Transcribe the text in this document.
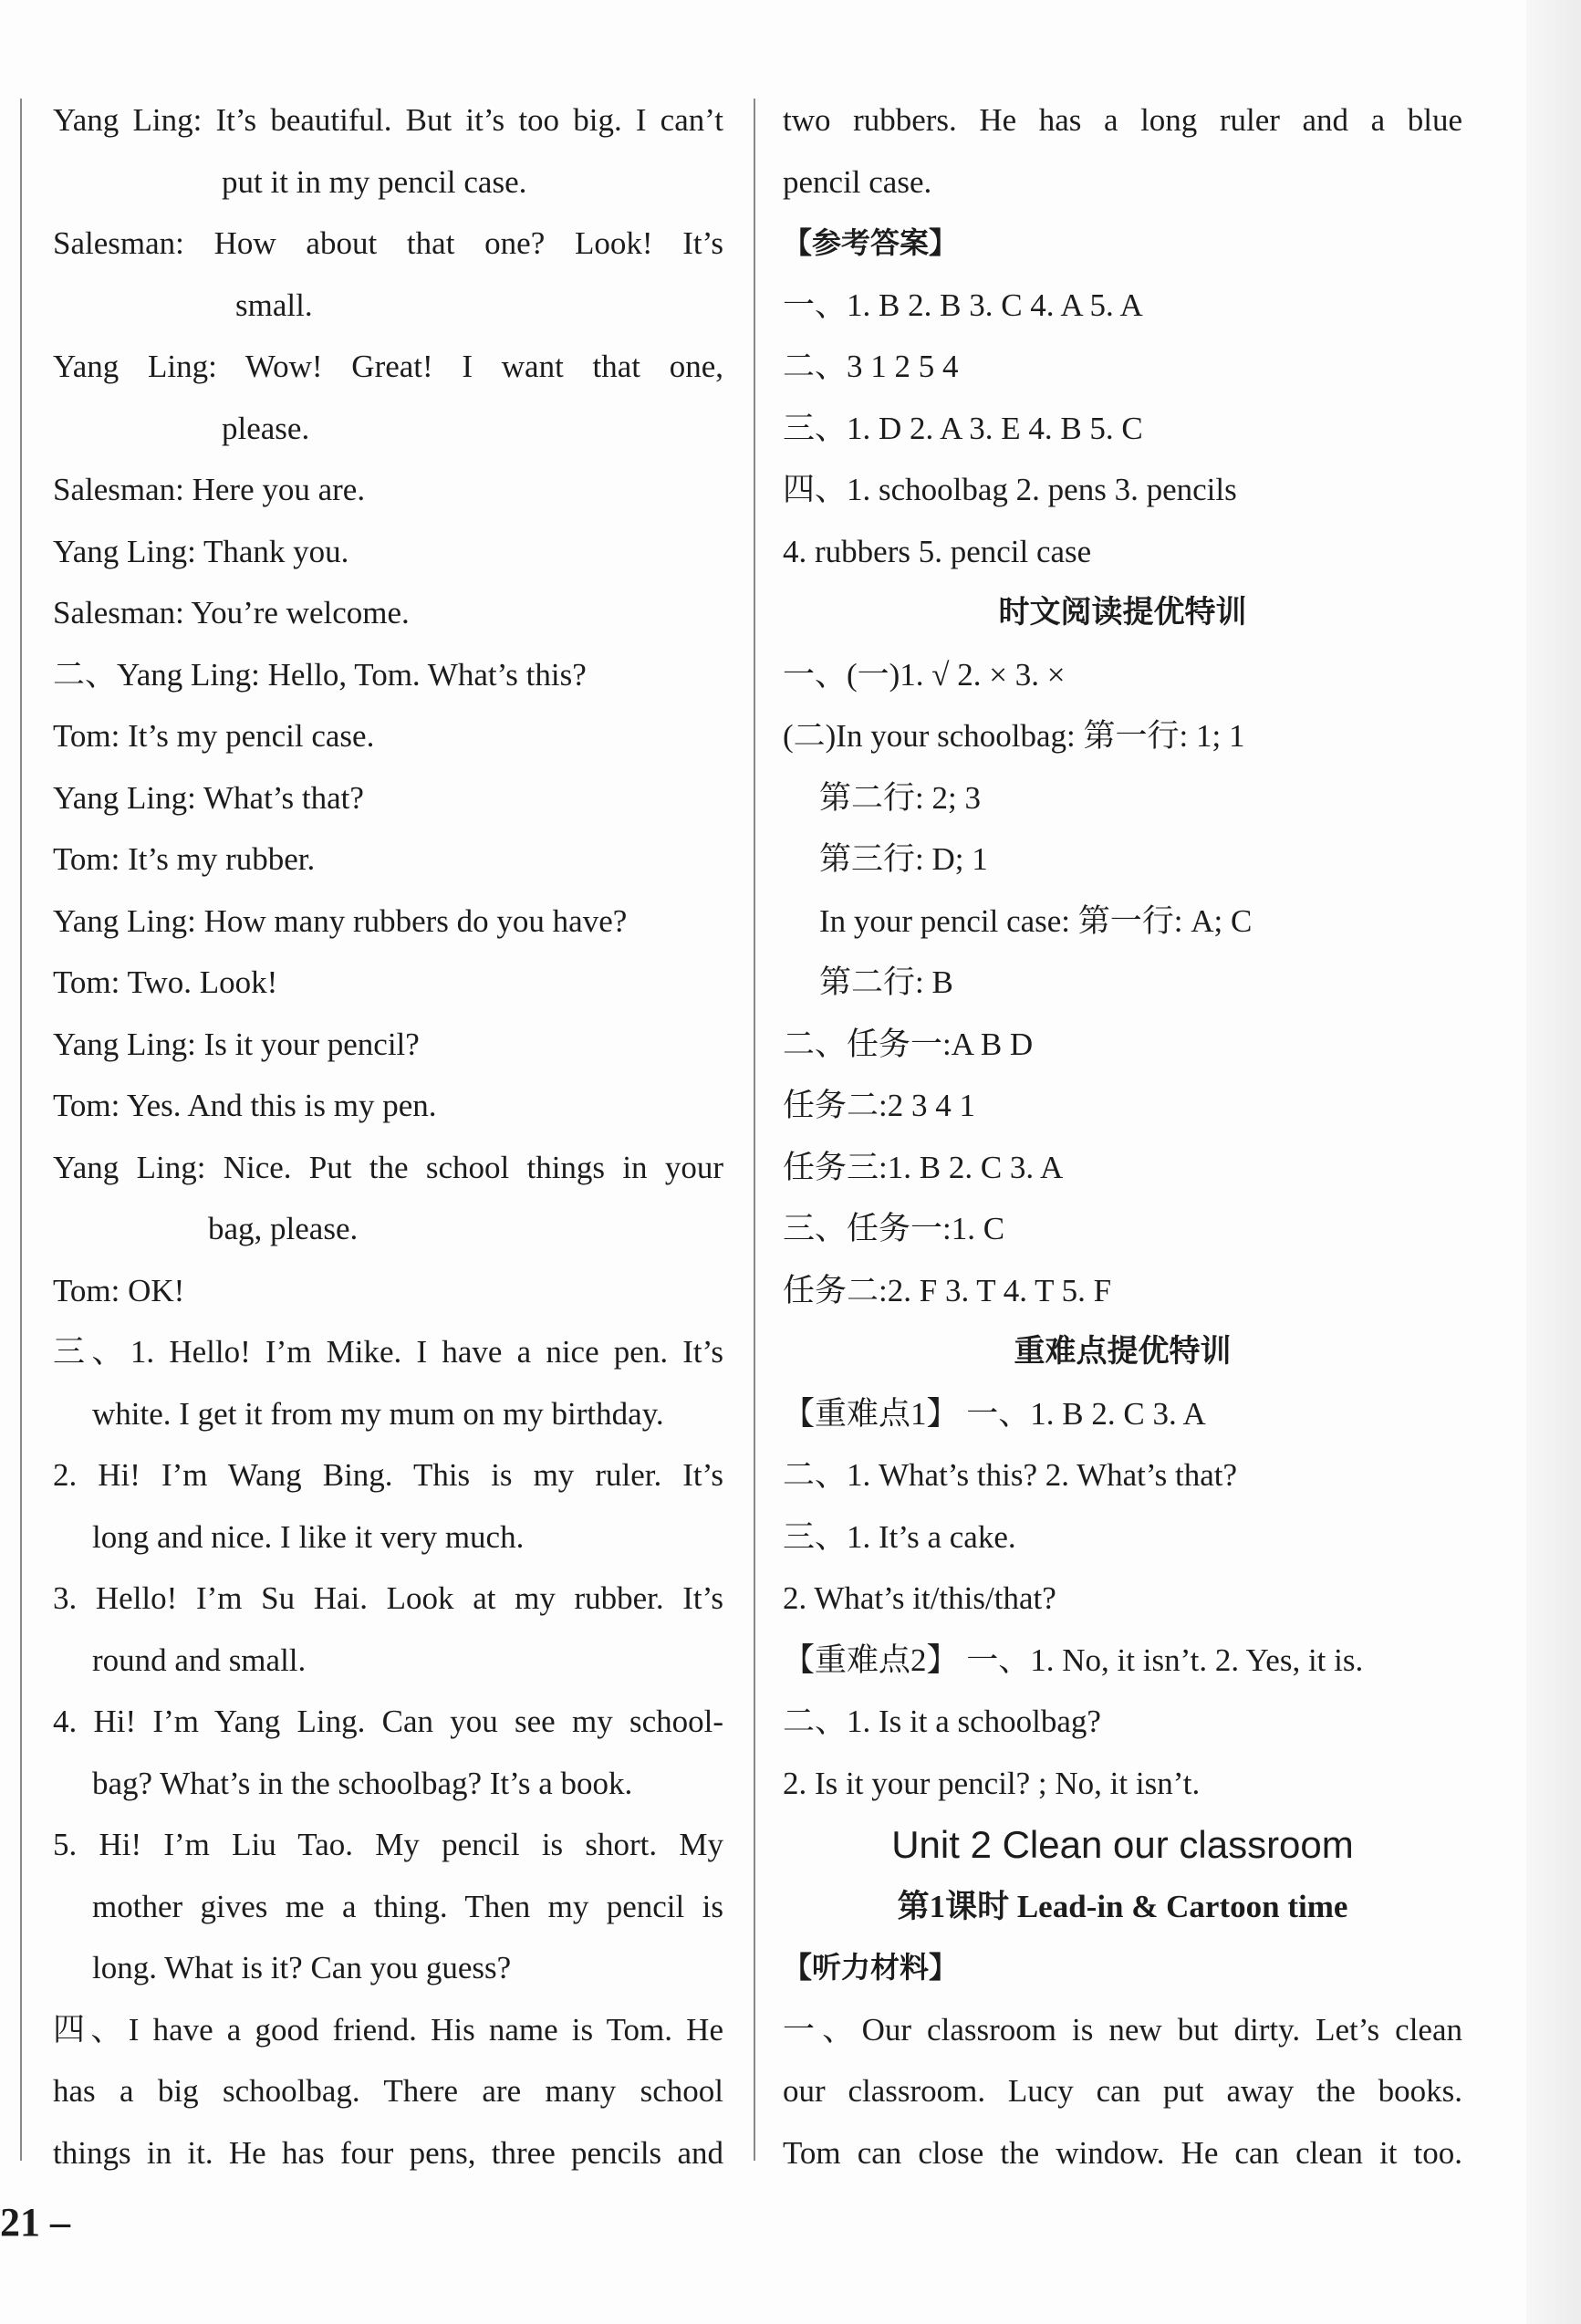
Yang Ling: It’s beautiful. But it’s too big. I can’t
put it in my pencil case.
Salesman: How about that one? Look! It’s
small.
Yang Ling: Wow! Great! I want that one,
please.
Salesman: Here you are.
Yang Ling: Thank you.
Salesman: You’re welcome.
二、Yang Ling: Hello, Tom. What’s this?
Tom: It’s my pencil case.
Yang Ling: What’s that?
Tom: It’s my rubber.
Yang Ling: How many rubbers do you have?
Tom: Two. Look!
Yang Ling: Is it your pencil?
Tom: Yes. And this is my pen.
Yang Ling: Nice. Put the school things in your
bag, please.
Tom: OK!
三、1. Hello! I’m Mike. I have a nice pen. It’s
white. I get it from my mum on my birthday.
2. Hi! I’m Wang Bing. This is my ruler. It’s
long and nice. I like it very much.
3. Hello! I’m Su Hai. Look at my rubber. It’s
round and small.
4. Hi! I’m Yang Ling. Can you see my school-
bag? What’s in the schoolbag? It’s a book.
5. Hi! I’m Liu Tao. My pencil is short. My
mother gives me a thing. Then my pencil is
long. What is it? Can you guess?
四、I have a good friend. His name is Tom. He
has a big schoolbag. There are many school
things in it. He has four pens, three pencils and
two rubbers. He has a long ruler and a blue
pencil case.
【参考答案】
一、1. B 2. B 3. C 4. A 5. A
二、3 1 2 5 4
三、1. D 2. A 3. E 4. B 5. C
四、1. schoolbag 2. pens 3. pencils
4. rubbers 5. pencil case
时文阅读提优特训
一、(一)1. √ 2. × 3. ×
(二)In your schoolbag: 第一行: 1; 1
第二行: 2; 3
第三行: D; 1
In your pencil case: 第一行: A; C
第二行: B
二、任务一:A B D
任务二:2 3 4 1
任务三:1. B 2. C 3. A
三、任务一:1. C
任务二:2. F 3. T 4. T 5. F
重难点提优特训
【重难点1】 一、1. B 2. C 3. A
二、1. What’s this? 2. What’s that?
三、1. It’s a cake.
2. What’s it/this/that?
【重难点2】 一、1. No, it isn’t. 2. Yes, it is.
二、1. Is it a schoolbag?
2. Is it your pencil? ; No, it isn’t.
Unit 2 Clean our classroom
第1课时 Lead-in & Cartoon time
【听力材料】
一、Our classroom is new but dirty. Let’s clean
our classroom. Lucy can put away the books.
Tom can close the window. He can clean it too.
21 –
